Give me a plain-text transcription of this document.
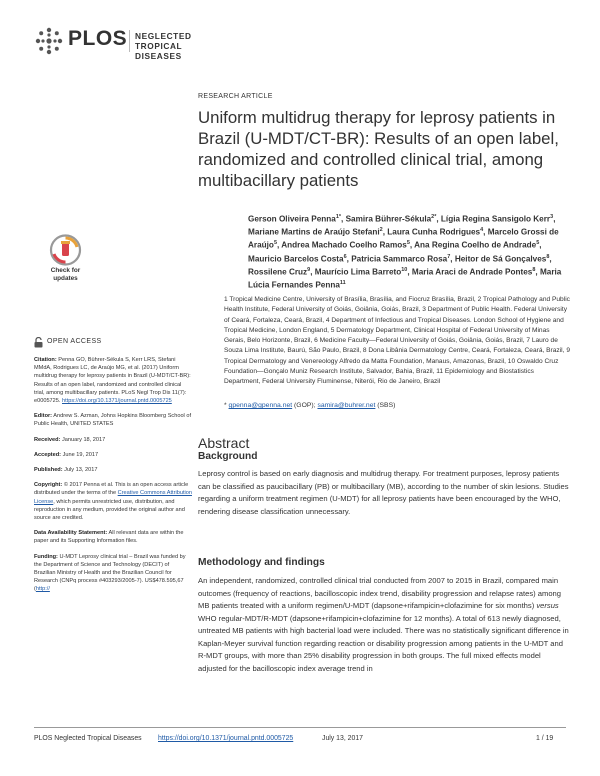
PLOS NEGLECTED
TROPICAL DISEASES
RESEARCH ARTICLE
Uniform multidrug therapy for leprosy patients in Brazil (U-MDT/CT-BR): Results of an open label, randomized and controlled clinical trial, among multibacillary patients
Gerson Oliveira Penna$^{1*}$, Samira Bührer-Sékula$^{2*}$, Lígia Regina Sansigolo Kerr$^3$, Mariane Martins de Araújo Stefani$^2$, Laura Cunha Rodrigues$^4$, Marcelo Grossi de Araújo$^5$, Andrea Machado Coelho Ramos$^5$, Ana Regina Coelho de Andrade$^5$, Mauricio Barcelos Costa$^6$, Patricia Sammarco Rosa$^7$, Heitor de Sá Gonçalves$^8$, Rossilene Cruz$^9$, Maurício Lima Barreto$^{10}$, Maria Araci de Andrade Pontes$^8$, Maria Lúcia Fernandes Penna$^{11}$
1 Tropical Medicine Centre, University of Brasília, Brasília, and Fiocruz Brasília, Brazil, 2 Tropical Pathology and Public Health Institute, Federal University of Goiás, Goiânia, Goiás, Brazil, 3 Department of Public Health. Federal University of Ceará, Fortaleza, Ceará, Brazil, 4 Department of Infectious and Tropical Diseases. London School of Hygiene and Tropical Medicine, London England, 5 Dermatology Department, Clinical Hospital of Federal University of Minas Gerais, Belo Horizonte, Brazil, 6 Medicine Faculty—Federal University of Goiás, Goiânia, Goiás, Brazil, 7 Lauro de Souza Lima Institute, Baurú, São Paulo, Brazil, 8 Dona Libânia Dermatology Centre, Ceará, Fortaleza, Ceará, Brazil, 9 Tropical Dermatology and Venereology Alfredo da Matta Foundation, Manaus, Amazonas, Brazil, 10 Oswaldo Cruz Foundation—Gonçalo Muniz Research Institute, Salvador, Bahia, Brazil, 11 Epidemiology and Biostatistics Department, Federal University Fluminense, Niterói, Rio de Janeiro, Brazil
* gpenna@gpenna.net (GOP); samira@buhrer.net (SBS)
Check for
updates
OPEN ACCESS

Citation: Penna GO, Bührer-Sékula S, Kerr LRS, Stefani MMdA, Rodrigues LC, de Araújo MG, et al. (2017) Uniform multidrug therapy for leprosy patients in Brazil (U-MDT/CT-BR): Results of an open label, randomized and controlled clinical trial, among multibacillary patients. PLoS Negl Trop Dis 11(7): e0005725. https://doi.org/10.1371/journal.pntd.0005725

Editor: Andrew S. Azman, Johns Hopkins Bloomberg School of Public Health, UNITED STATES

Received: January 18, 2017

Accepted: June 19, 2017

Published: July 13, 2017

Copyright: © 2017 Penna et al. This is an open access article distributed under the terms of the Creative Commons Attribution License, which permits unrestricted use, distribution, and reproduction in any medium, provided the original author and source are credited.

Data Availability Statement: All relevant data are within the paper and its Supporting Information files.

Funding: U-MDT Leprosy clinical trial – Brazil was funded by the Department of Science and Technology (DECIT) of Brazilian Ministry of Health and the Brazilian Council for Research (CNPq process #403293/2005-7). US$478.595,67 (http://

Abstract
Background

Leprosy control is based on early diagnosis and multidrug therapy. For treatment purposes, leprosy patients can be classified as paucibacillary (PB) or multibacillary (MB), according to the number of skin lesions. Studies regarding a uniform treatment regimen (U-MDT) for all leprosy patients have been encouraged by the WHO, rendering disease classification unnecessary.

Methodology and findings

An independent, randomized, controlled clinical trial conducted from 2007 to 2015 in Brazil, compared main outcomes (frequency of reactions, bacilloscopic index trend, disability progression and relapse rates) among MB patients treated with a uniform regimen/U-MDT (dapsone+rifampicin+clofazimine for six months) versus WHO regular-MDT/R-MDT (dapsone+rifampicin+clofazimine for 12 months). A total of 613 newly diagnosed, untreated MB patients with high bacterial load were included. There was no statistically significant difference in Kaplan-Meyer survival function regarding reaction or disability progression among patients in the U-MDT and R-MDT groups, with more than 25% disability progression in both groups. The full mixed effects model adjusted for the bacilloscopic index average trend in

PLOS Neglected Tropical Diseases https://doi.org/10.1371/journal.pntd.0005725	July 13, 2017	1 / 19
